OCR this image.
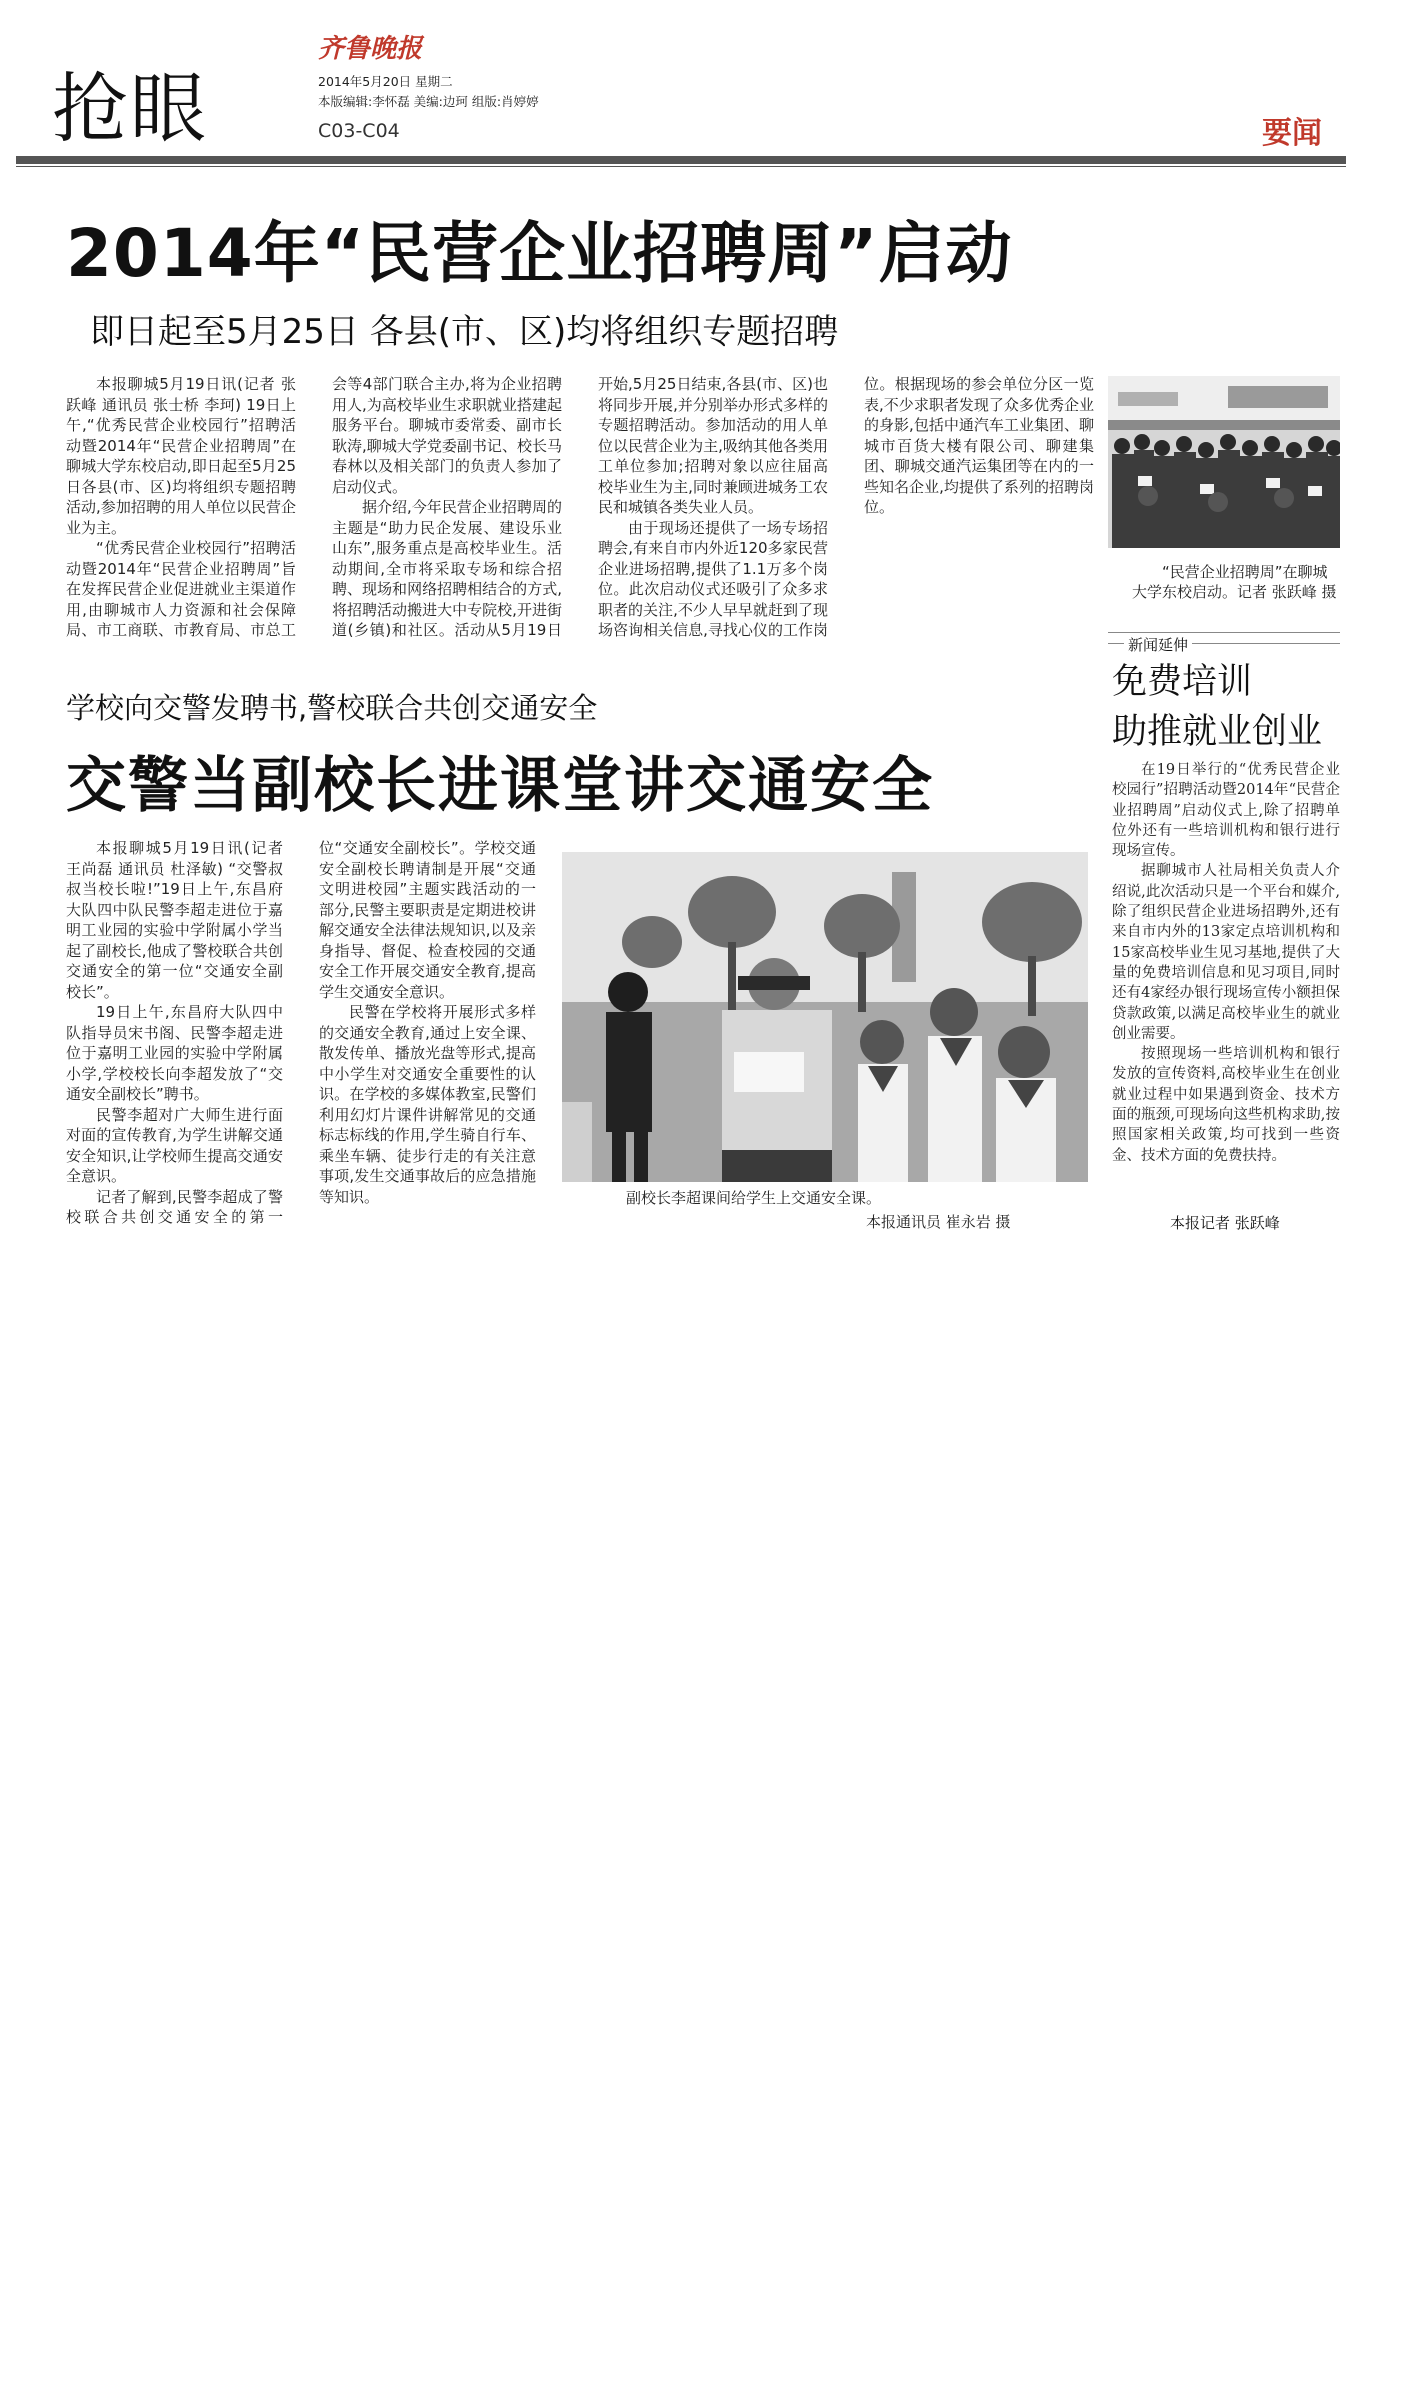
抢眼
齐鲁晚报
2014年5月20日 星期二
本版编辑:李怀磊 美编:边珂 组版:肖婷婷
C03-C04	要闻
2014年“民营企业招聘周”启动
即日起至5月25日 各县(市、区)均将组织专题招聘

本报聊城5月19日讯(记者 张跃峰 通讯员 张士桥 李珂) 19日上午,“优秀民营企业校园行”招聘活动暨2014年“民营企业招聘周”在聊城大学东校启动,即日起至5月25日各县(市、区)均将组织专题招聘活动,参加招聘的用人单位以民营企业为主。

“优秀民营企业校园行”招聘活动暨2014年“民营企业招聘周”旨在发挥民营企业促进就业主渠道作用,由聊城市人力资源和社会保障局、市工商联、市教育局、市总工会等4部门联合主办,将为企业招聘用人,为高校毕业生求职就业搭建起服务平台。聊城市委常委、副市长耿涛,聊城大学党委副书记、校长马春林以及相关部门的负责人参加了启动仪式。

据介绍,今年民营企业招聘周的主题是“助力民企发展、建设乐业山东”,服务重点是高校毕业生。活动期间,全市将采取专场和综合招聘、现场和网络招聘相结合的方式,将招聘活动搬进大中专院校,开进街道(乡镇)和社区。活动从5月19日开始,5月25日结束,各县(市、区)也将同步开展,并分别举办形式多样的专题招聘活动。参加活动的用人单位以民营企业为主,吸纳其他各类用工单位参加;招聘对象以应往届高校毕业生为主,同时兼顾进城务工农民和城镇各类失业人员。

由于现场还提供了一场专场招聘会,有来自市内外近120多家民营企业进场招聘,提供了1.1万多个岗位。此次启动仪式还吸引了众多求职者的关注,不少人早早就赶到了现场咨询相关信息,寻找心仪的工作岗位。根据现场的参会单位分区一览表,不少求职者发现了众多优秀企业的身影,包括中通汽车工业集团、聊城市百货大楼有限公司、聊建集团、聊城交通汽运集团等在内的一些知名企业,均提供了系列的招聘岗位。

“民营企业招聘周”在聊城大学东校启动。记者 张跃峰 摄
新闻延伸
免费培训
助推就业创业

在19日举行的“优秀民营企业校园行”招聘活动暨2014年“民营企业招聘周”启动仪式上,除了招聘单位外还有一些培训机构和银行进行现场宣传。

据聊城市人社局相关负责人介绍说,此次活动只是一个平台和媒介,除了组织民营企业进场招聘外,还有来自市内外的13家定点培训机构和15家高校毕业生见习基地,提供了大量的免费培训信息和见习项目,同时还有4家经办银行现场宣传小额担保贷款政策,以满足高校毕业生的就业创业需要。

按照现场一些培训机构和银行发放的宣传资料,高校毕业生在创业就业过程中如果遇到资金、技术方面的瓶颈,可现场向这些机构求助,按照国家相关政策,均可找到一些资金、技术方面的免费扶持。

本报记者 张跃峰
学校向交警发聘书,警校联合共创交通安全
交警当副校长进课堂讲交通安全

本报聊城5月19日讯(记者 王尚磊 通讯员 杜泽敏) “交警叔叔当校长啦!”19日上午,东昌府大队四中队民警李超走进位于嘉明工业园的实验中学附属小学当起了副校长,他成了警校联合共创交通安全的第一位“交通安全副校长”。

19日上午,东昌府大队四中队指导员宋书阁、民警李超走进位于嘉明工业园的实验中学附属小学,学校校长向李超发放了“交通安全副校长”聘书。

民警李超对广大师生进行面对面的宣传教育,为学生讲解交通安全知识,让学校师生提高交通安全意识。

记者了解到,民警李超成了警校联合共创交通安全的第一位“交通安全副校长”。学校交通安全副校长聘请制是开展“交通文明进校园”主题实践活动的一部分,民警主要职责是定期进校讲解交通安全法律法规知识,以及亲身指导、督促、检查校园的交通安全工作开展交通安全教育,提高学生交通安全意识。

民警在学校将开展形式多样的交通安全教育,通过上安全课、散发传单、播放光盘等形式,提高中小学生对交通安全重要性的认识。在学校的多媒体教室,民警们利用幻灯片课件讲解常见的交通标志标线的作用,学生骑自行车、乘坐车辆、徒步行走的有关注意事项,发生交通事故后的应急措施等知识。	副校长李超课间给学生上交通安全课。
本报通讯员 崔永岩 摄
